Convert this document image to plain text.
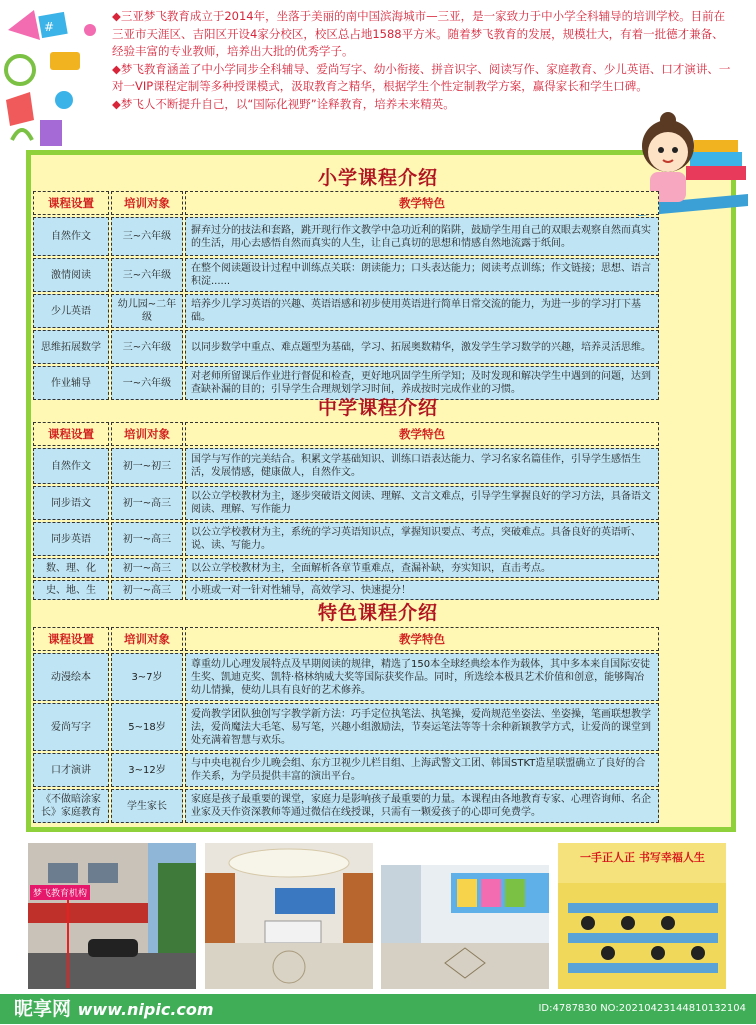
#

◆三亚梦飞教育成立于2014年，坐落于美丽的南中国滨海城市—三亚，是一家致力于中小学全科辅导的培训学校。目前在三亚市天涯区、吉阳区开设4家分校区，校区总占地1588平方米。随着梦飞教育的发展，规模壮大，有着一批德才兼备、经验丰富的专业教师，培养出大批的优秀学子。

◆梦飞教育涵盖了中小学同步全科辅导、爱尚写字、幼小衔接、拼音识字、阅读写作、家庭教育、少儿英语、口才演讲、一对一VIP课程定制等多种授课模式，汲取教育之精华，根据学生个性定制教学方案，赢得家长和学生口碑。

◆梦飞人不断提升自己，以“国际化视野”诠释教育，培养未来精英。

小学课程介绍
课程设置	培训对象	教学特色
自然作文	三~六年级	摒弃过分的技法和套路，跳开现行作文教学中急功近利的陷阱，鼓励学生用自己的双眼去观察自然而真实的生活，用心去感悟自然而真实的人生，让自己真切的思想和情感自然地流露于纸间。
激情阅读	三~六年级	在整个阅读题设计过程中训练点关联：朗读能力；口头表达能力；阅读考点训练；作文链接；思想、语言积淀......
少儿英语	幼儿园~二年级	培养少儿学习英语的兴趣、英语语感和初步使用英语进行简单日常交流的能力，为进一步的学习打下基础。
思维拓展数学	三~六年级	以同步数学中重点、难点题型为基础，学习、拓展奥数精华，激发学生学习数学的兴趣，培养灵活思维。
作业辅导	一~六年级	对老师所留课后作业进行督促和检查，更好地巩固学生所学知；及时发现和解决学生中遇到的问题，达到查缺补漏的目的；引导学生合理规划学习时间，养成按时完成作业的习惯。
中学课程介绍
课程设置	培训对象	教学特色
自然作文	初一~初三	国学与写作的完美结合。积累文学基础知识、训练口语表达能力、学习名家名篇佳作，引导学生感悟生活，发展情感，健康做人，自然作文。
同步语文	初一~高三	以公立学校教材为主，逐步突破语文阅读、理解、文言文难点，引导学生掌握良好的学习方法，具备语文阅读、理解、写作能力
同步英语	初一~高三	以公立学校教材为主，系统的学习英语知识点，掌握知识要点、考点，突破难点。具备良好的英语听、说、读、写能力。
数、理、化	初一~高三	以公立学校教材为主，全面解析各章节重难点，查漏补缺，夯实知识，直击考点。
史、地、生	初一~高三	小班或一对一针对性辅导，高效学习、快速提分！
特色课程介绍
课程设置	培训对象	教学特色
动漫绘本	3~7岁	尊重幼儿心理发展特点及早期阅读的规律，精选了150本全球经典绘本作为载体，其中多本来自国际安徒生奖、凯迪克奖、凯特·格林纳威大奖等国际获奖作品。同时，所选绘本极具艺术价值和创意，能够陶冶幼儿情操，使幼儿具有良好的艺术修养。
爱尚写字	5~18岁	爱尚教学团队独创写字教学新方法：巧手定位执笔法、执笔操，爱尚规范坐姿法、坐姿操，笔画联想教学法，爱尚魔法大毛笔、易写笔，兴趣小组激励法，节奏运笔法等等十余种新颖教学方式，让爱尚的课堂到处充满着智慧与欢乐。
口才演讲	3~12岁	与中央电视台少儿晚会组、东方卫视少儿栏目组、上海武警文工团、韩国STKT造星联盟确立了良好的合作关系，为学员提供丰富的演出平台。
《不做暗涂家长》家庭教育	学生家长	家庭是孩子最重要的课堂，家庭力是影响孩子最重要的力量。本课程由各地教育专家、心理咨询师、名企业家及天作资深教师等通过微信在线授课，只需有一颗爱孩子的心即可免费学。
梦飞教育机构
一手正人正 书写幸福人生
昵享网 www.nipic.com	ID:4787830 NO:20210423144810132104
